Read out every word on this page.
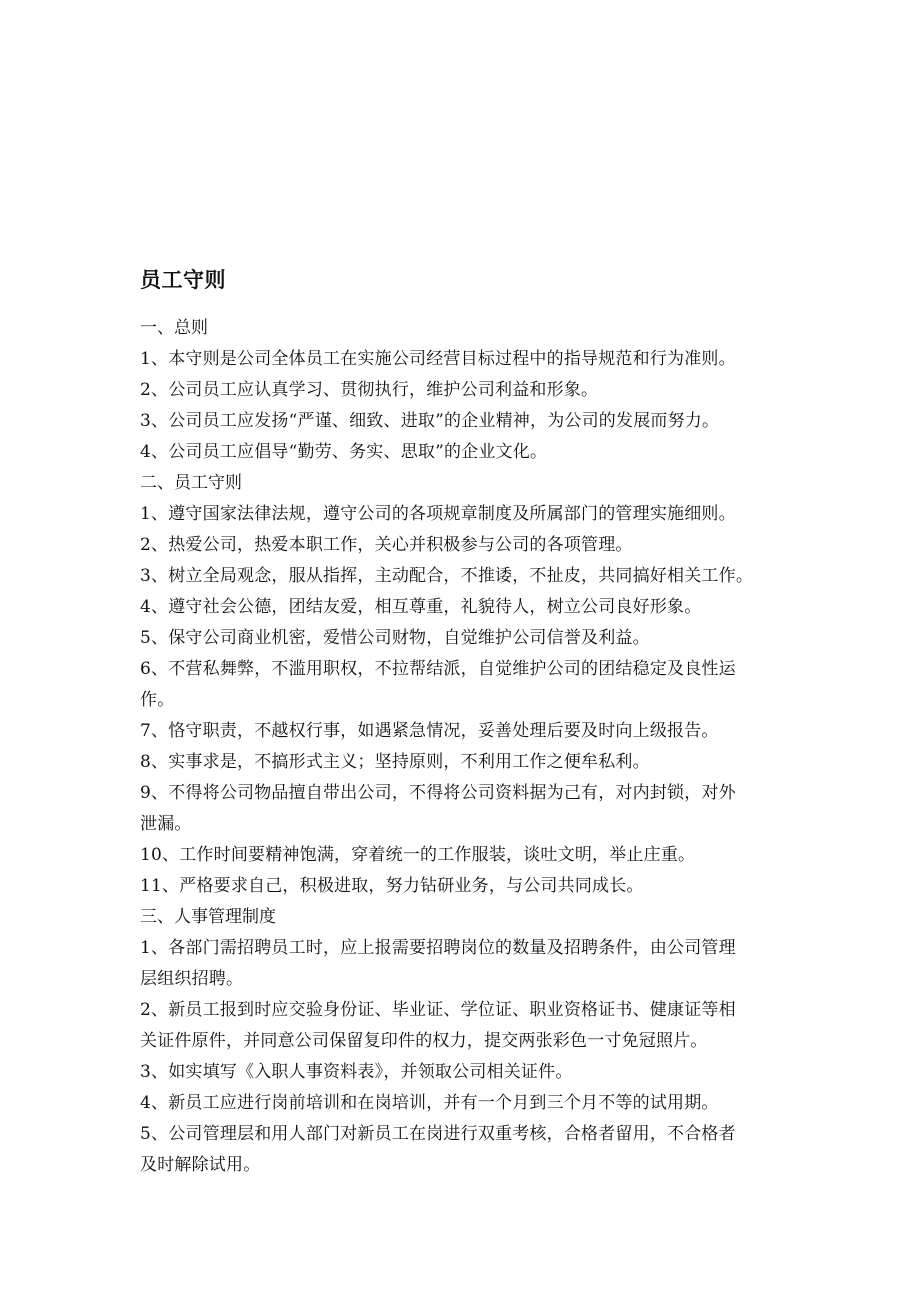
员工守则

一、总则

1、本守则是公司全体员工在实施公司经营目标过程中的指导规范和行为准则。

2、公司员工应认真学习、贯彻执行，维护公司利益和形象。

3、公司员工应发扬“严谨、细致、进取”的企业精神，为公司的发展而努力。

4、公司员工应倡导“勤劳、务实、思取”的企业文化。

二、员工守则

1、遵守国家法律法规，遵守公司的各项规章制度及所属部门的管理实施细则。

2、热爱公司，热爱本职工作，关心并积极参与公司的各项管理。

3、树立全局观念，服从指挥，主动配合，不推诿，不扯皮，共同搞好相关工作。

4、遵守社会公德，团结友爱，相互尊重，礼貌待人，树立公司良好形象。

5、保守公司商业机密，爱惜公司财物，自觉维护公司信誉及利益。

6、不营私舞弊，不滥用职权，不拉帮结派，自觉维护公司的团结稳定及良性运

作。

7、恪守职责，不越权行事，如遇紧急情况，妥善处理后要及时向上级报告。

8、实事求是，不搞形式主义；坚持原则，不利用工作之便牟私利。

9、不得将公司物品擅自带出公司，不得将公司资料据为己有，对内封锁，对外

泄漏。

10、工作时间要精神饱满，穿着统一的工作服装，谈吐文明，举止庄重。

11、严格要求自己，积极进取，努力钻研业务，与公司共同成长。

三、人事管理制度

1、各部门需招聘员工时，应上报需要招聘岗位的数量及招聘条件，由公司管理

层组织招聘。

2、新员工报到时应交验身份证、毕业证、学位证、职业资格证书、健康证等相

关证件原件，并同意公司保留复印件的权力，提交两张彩色一寸免冠照片。

3、如实填写《入职人事资料表》，并领取公司相关证件。

4、新员工应进行岗前培训和在岗培训，并有一个月到三个月不等的试用期。

5、公司管理层和用人部门对新员工在岗进行双重考核，合格者留用，不合格者

及时解除试用。
